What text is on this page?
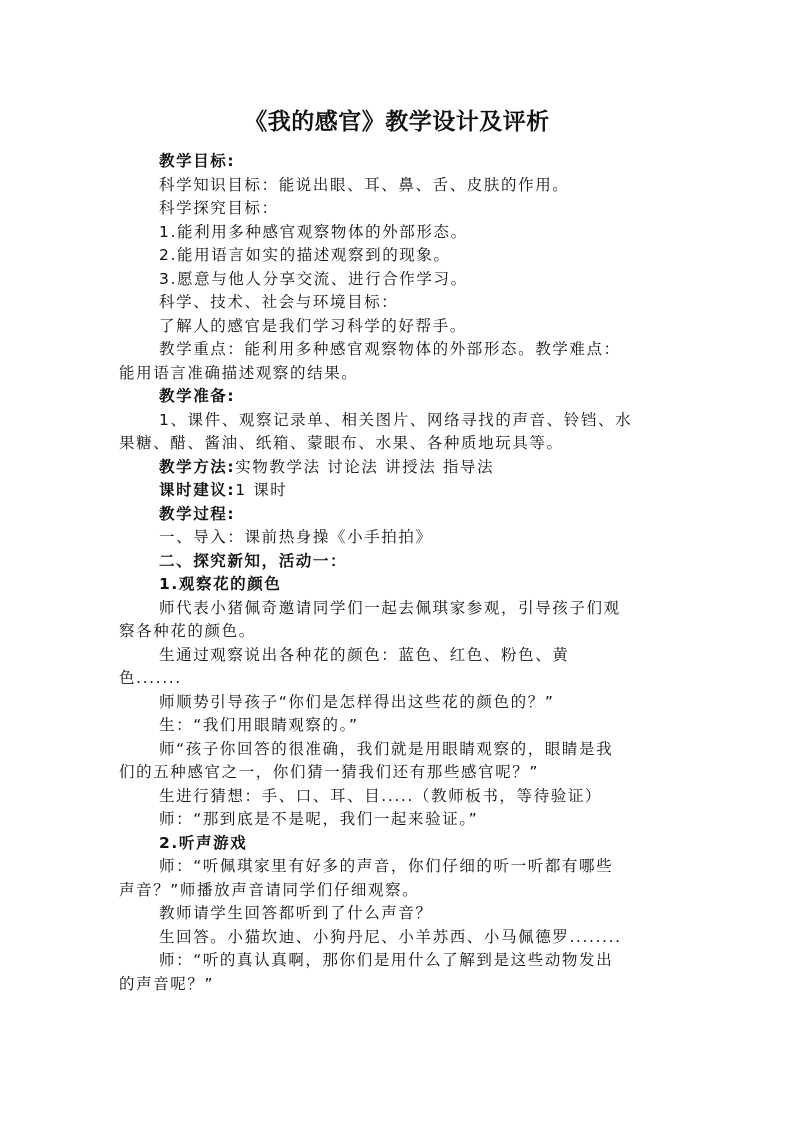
《我的感官》教学设计及评析

教学目标:

科学知识目标：能说出眼、耳、鼻、舌、皮肤的作用。

科学探究目标：

1.能利用多种感官观察物体的外部形态。

2.能用语言如实的描述观察到的现象。

3.愿意与他人分享交流、进行合作学习。

科学、技术、社会与环境目标：

了解人的感官是我们学习科学的好帮手。

教学重点：能利用多种感官观察物体的外部形态。教学难点：

能用语言准确描述观察的结果。

教学准备:

1、课件、观察记录单、相关图片、网络寻找的声音、铃铛、水

果糖、醋、酱油、纸箱、蒙眼布、水果、各种质地玩具等。

教学方法:实物教学法 讨论法 讲授法 指导法

课时建议:1 课时

教学过程:

一、导入：课前热身操《小手拍拍》

二、探究新知，活动一：

1.观察花的颜色

师代表小猪佩奇邀请同学们一起去佩琪家参观，引导孩子们观

察各种花的颜色。

生通过观察说出各种花的颜色：蓝色、红色、粉色、黄

色.......

师顺势引导孩子“你们是怎样得出这些花的颜色的？”

生：“我们用眼睛观察的。”

师“孩子你回答的很准确，我们就是用眼睛观察的，眼睛是我

们的五种感官之一，你们猜一猜我们还有那些感官呢？”

生进行猜想：手、口、耳、目.....（教师板书，等待验证）

师：“那到底是不是呢，我们一起来验证。”

2.听声游戏

师：“听佩琪家里有好多的声音，你们仔细的听一听都有哪些

声音？”师播放声音请同学们仔细观察。

教师请学生回答都听到了什么声音？

生回答。小猫坎迪、小狗丹尼、小羊苏西、小马佩德罗........

师：“听的真认真啊，那你们是用什么了解到是这些动物发出

的声音呢？”
